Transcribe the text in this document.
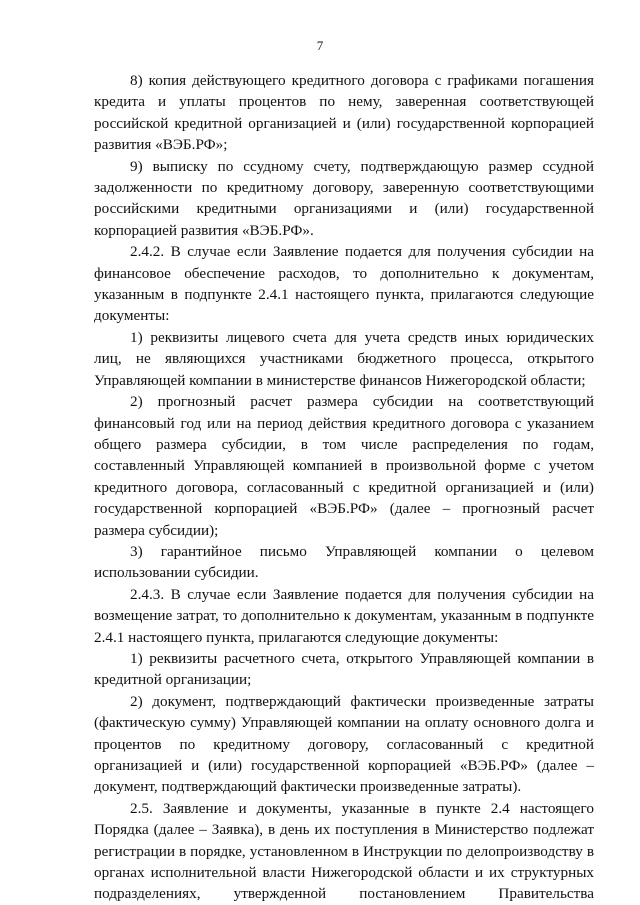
7

8) копия действующего кредитного договора с графиками погашения кредита и уплаты процентов по нему, заверенная соответствующей российской кредитной организацией и (или) государственной корпорацией развития «ВЭБ.РФ»;

9) выписку по ссудному счету, подтверждающую размер ссудной задолженности по кредитному договору, заверенную соответствующими российскими кредитными организациями и (или) государственной корпорацией развития «ВЭБ.РФ».

2.4.2. В случае если Заявление подается для получения субсидии на финансовое обеспечение расходов, то дополнительно к документам, указанным в подпункте 2.4.1 настоящего пункта, прилагаются следующие документы:

1) реквизиты лицевого счета для учета средств иных юридических лиц, не являющихся участниками бюджетного процесса, открытого Управляющей компании в министерстве финансов Нижегородской области;

2) прогнозный расчет размера субсидии на соответствующий финансовый год или на период действия кредитного договора с указанием общего размера субсидии, в том числе распределения по годам, составленный Управляющей компанией в произвольной форме с учетом кредитного договора, согласованный с кредитной организацией и (или) государственной корпорацией «ВЭБ.РФ» (далее – прогнозный расчет размера субсидии);

3) гарантийное письмо Управляющей компании о целевом использовании субсидии.

2.4.3. В случае если Заявление подается для получения субсидии на возмещение затрат, то дополнительно к документам, указанным в подпункте 2.4.1 настоящего пункта, прилагаются следующие документы:

1) реквизиты расчетного счета, открытого Управляющей компании в кредитной организации;

2) документ, подтверждающий фактически произведенные затраты (фактическую сумму) Управляющей компании на оплату основного долга и процентов по кредитному договору, согласованный с кредитной организацией и (или) государственной корпорацией «ВЭБ.РФ» (далее – документ, подтверждающий фактически произведенные затраты).

2.5. Заявление и документы, указанные в пункте 2.4 настоящего Порядка (далее – Заявка), в день их поступления в Министерство подлежат регистрации в порядке, установленном в Инструкции по делопроизводству в органах исполнительной власти Нижегородской области и их структурных подразделениях, утвержденной постановлением Правительства
